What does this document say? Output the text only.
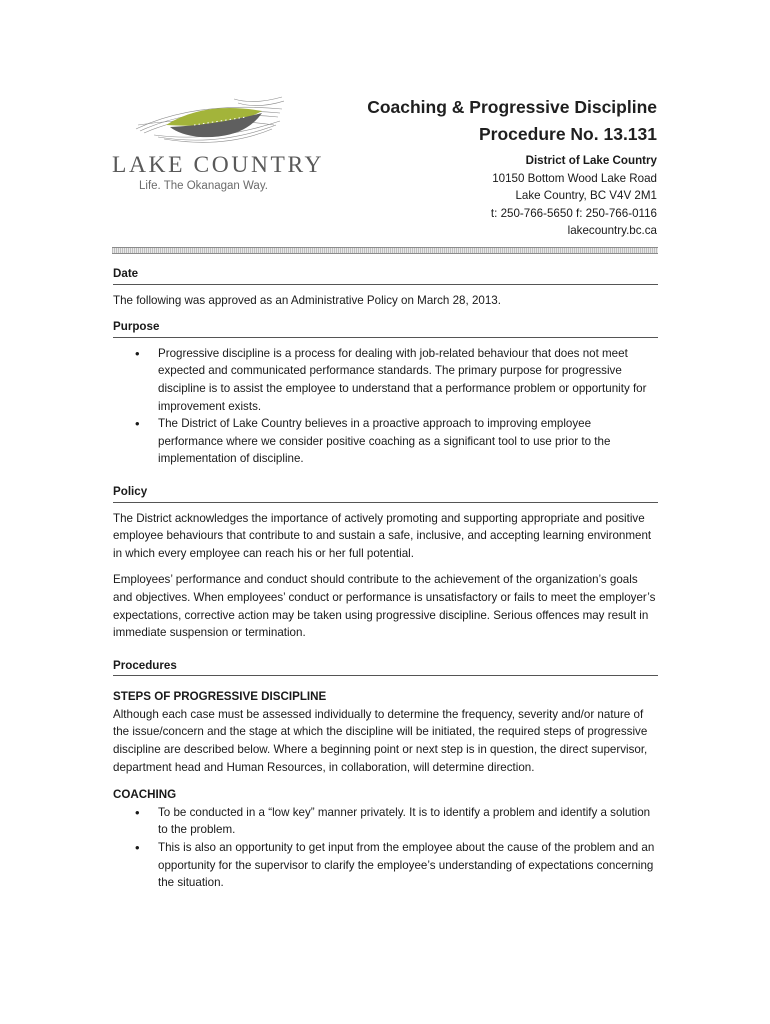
LAKE COUNTRY
Life. The Okanagan Way.
Coaching & Progressive Discipline
Procedure No. 13.131
District of Lake Country
10150 Bottom Wood Lake Road
Lake Country, BC V4V 2M1
t: 250-766-5650 f: 250-766-0116
lakecountry.bc.ca
Date

The following was approved as an Administrative Policy on March 28, 2013.

Purpose
• Progressive discipline is a process for dealing with job-related behaviour that does not meet expected and communicated performance standards. The primary purpose for progressive discipline is to assist the employee to understand that a performance problem or opportunity for improvement exists.
• The District of Lake Country believes in a proactive approach to improving employee performance where we consider positive coaching as a significant tool to use prior to the implementation of discipline.
Policy

The District acknowledges the importance of actively promoting and supporting appropriate and positive employee behaviours that contribute to and sustain a safe, inclusive, and accepting learning environment in which every employee can reach his or her full potential.

Employees’ performance and conduct should contribute to the achievement of the organization’s goals and objectives. When employees’ conduct or performance is unsatisfactory or fails to meet the employer’s expectations, corrective action may be taken using progressive discipline. Serious offences may result in immediate suspension or termination.

Procedures
STEPS OF PROGRESSIVE DISCIPLINE

Although each case must be assessed individually to determine the frequency, severity and/or nature of the issue/concern and the stage at which the discipline will be initiated, the required steps of progressive discipline are described below. Where a beginning point or next step is in question, the direct supervisor, department head and Human Resources, in collaboration, will determine direction.

COACHING
• To be conducted in a “low key” manner privately. It is to identify a problem and identify a solution to the problem.
• This is also an opportunity to get input from the employee about the cause of the problem and an opportunity for the supervisor to clarify the employee’s understanding of expectations concerning the situation.
